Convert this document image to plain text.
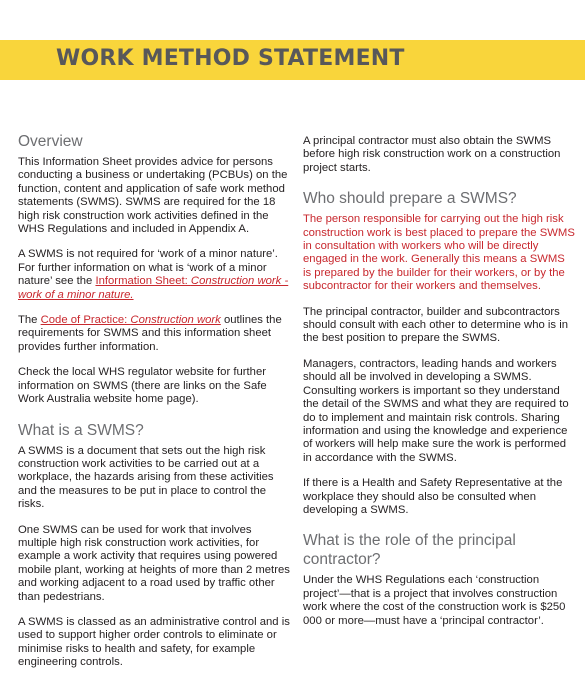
WORK METHOD STATEMENT
Overview

This Information Sheet provides advice for persons conducting a business or undertaking (PCBUs) on the function, content and application of safe work method statements (SWMS). SWMS are required for the 18 high risk construction work activities defined in the WHS Regulations and included in Appendix A.

A SWMS is not required for ‘work of a minor nature’. For further information on what is ‘work of a minor nature’ see the Information Sheet: Construction work - work of a minor nature.

The Code of Practice: Construction work outlines the requirements for SWMS and this information sheet provides further information.

Check the local WHS regulator website for further information on SWMS (there are links on the Safe Work Australia website home page).

What is a SWMS?

A SWMS is a document that sets out the high risk construction work activities to be carried out at a workplace, the hazards arising from these activities and the measures to be put in place to control the risks.

One SWMS can be used for work that involves multiple high risk construction work activities, for example a work activity that requires using powered mobile plant, working at heights of more than 2 metres and working adjacent to a road used by traffic other than pedestrians.

A SWMS is classed as an administrative control and is used to support higher order controls to eliminate or minimise risks to health and safety, for example engineering controls.

A principal contractor must also obtain the SWMS before high risk construction work on a construction project starts.

Who should prepare a SWMS?

The person responsible for carrying out the high risk construction work is best placed to prepare the SWMS in consultation with workers who will be directly engaged in the work. Generally this means a SWMS is prepared by the builder for their workers, or by the subcontractor for their workers and themselves.

The principal contractor, builder and subcontractors should consult with each other to determine who is in the best position to prepare the SWMS.

Managers, contractors, leading hands and workers should all be involved in developing a SWMS. Consulting workers is important so they understand the detail of the SWMS and what they are required to do to implement and maintain risk controls. Sharing information and using the knowledge and experience of workers will help make sure the work is performed in accordance with the SWMS.

If there is a Health and Safety Representative at the workplace they should also be consulted when developing a SWMS.

What is the role of the principal contractor?

Under the WHS Regulations each ‘construction project’—that is a project that involves construction work where the cost of the construction work is $250 000 or more—must have a ‘principal contractor’.
